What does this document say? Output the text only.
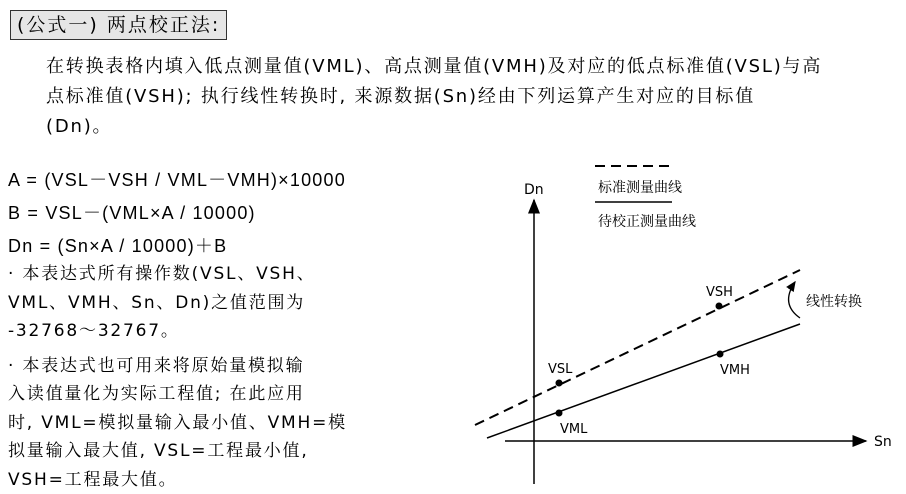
(公式一) 两点校正法:
在转换表格内填入低点测量值(VML)、高点测量值(VMH)及对应的低点标准值(VSL)与高
点标准值(VSH); 执行线性转换时, 来源数据(Sn)经由下列运算产生对应的目标值
(Dn)。
A = (VSL－VSH / VML－VMH)×10000
B = VSL－(VML×A / 10000)
Dn = (Sn×A / 10000)＋B
· 本表达式所有操作数(VSL、VSH、
VML、VMH、Sn、Dn)之值范围为
-32768～32767。
· 本表达式也可用来将原始量模拟输
入读值量化为实际工程值; 在此应用
时, VML=模拟量输入最小值、VMH=模
拟量输入最大值, VSL=工程最小值,
VSH=工程最大值。
Dn
Sn
标准测量曲线
待校正测量曲线
VSL
VSH
VML
VMH
线性转换
